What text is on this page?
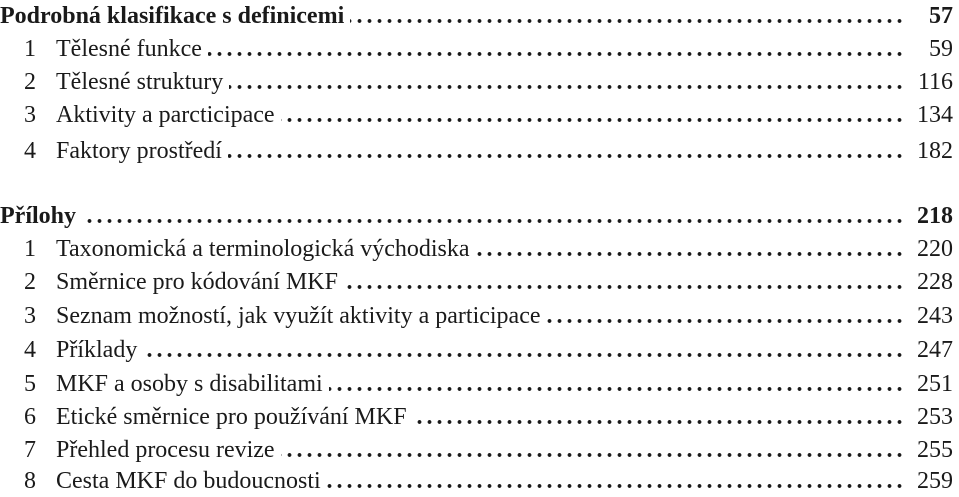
Podrobná klasifikace s definicemi . . .	57
1 Tělesné funkce . . .	59
2 Tělesné struktury . . .	116
3 Aktivity a parcticipace . . .	134
4 Faktory prostředí . . .	182
Přílohy . . .	218
1 Taxonomická a terminologická východiska . . .	220
2 Směrnice pro kódování MKF . . .	228
3 Seznam možností, jak využít aktivity a participace . . .	243
4 Příklady . . .	247
5 MKF a osoby s disabilitami . . .	251
6 Etické směrnice pro používání MKF . . .	253
7 Přehled procesu revize . . .	255
8 Cesta MKF do budoucnosti . . .	259
